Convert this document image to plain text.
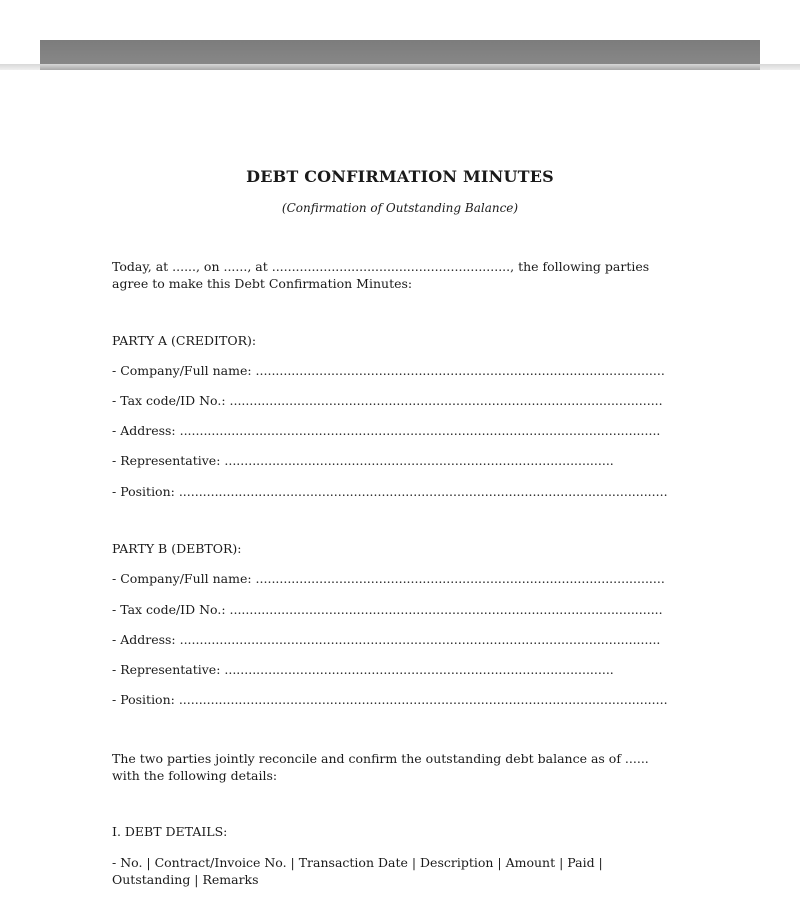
DEBT CONFIRMATION MINUTES
(Confirmation of Outstanding Balance)
Today, at ......, on ......, at ............................................................, the following parties agree to make this Debt Confirmation Minutes:
PARTY A (CREDITOR):
- Company/Full name: .......................................................................................................
- Tax code/ID No.: .............................................................................................................
- Address: .........................................................................................................................
- Representative: ..................................................................................................
- Position: ...........................................................................................................................
PARTY B (DEBTOR):
- Company/Full name: .......................................................................................................
- Tax code/ID No.: .............................................................................................................
- Address: .........................................................................................................................
- Representative: ..................................................................................................
- Position: ...........................................................................................................................
The two parties jointly reconcile and confirm the outstanding debt balance as of ...... with the following details:
I. DEBT DETAILS:
- No. | Contract/Invoice No. | Transaction Date | Description | Amount | Paid | Outstanding | Remarks
